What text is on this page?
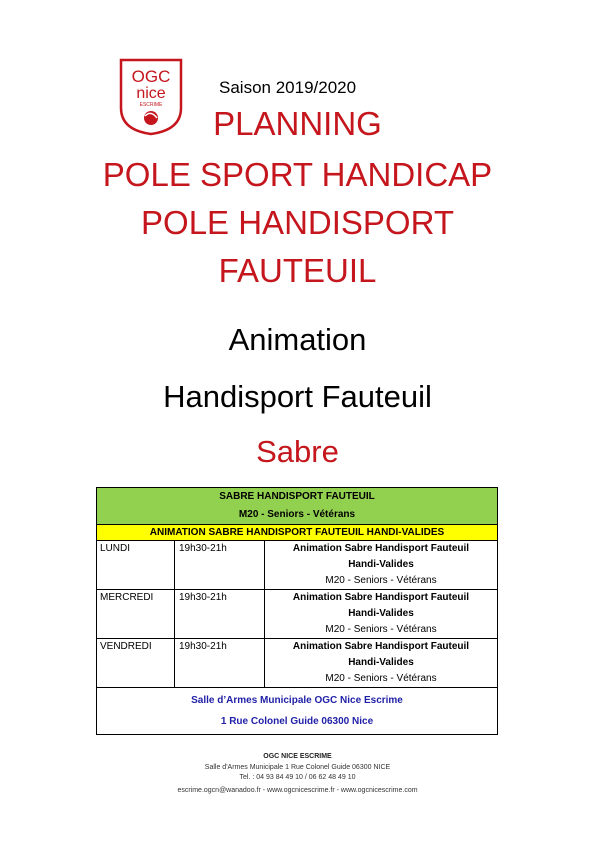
OGC
nice
ESCRIME
Saison 2019/2020
PLANNING
POLE SPORT HANDICAP
POLE HANDISPORT
FAUTEUIL
Animation
Handisport Fauteuil
Sabre
SABRE HANDISPORT FAUTEUIL
M20 - Seniors - Vétérans		

ANIMATION SABRE HANDISPORT FAUTEUIL HANDI-VALIDES		
LUNDI	19h30-21h	Animation Sabre Handisport Fauteuil
Handi-Valides
M20 - Seniors - Vétérans

MERCREDI	19h30-21h	Animation Sabre Handisport Fauteuil
Handi-Valides
M20 - Seniors - Vétérans

VENDREDI	19h30-21h	Animation Sabre Handisport Fauteuil
Handi-Valides
M20 - Seniors - Vétérans

Salle d’Armes Municipale OGC Nice Escrime
1 Rue Colonel Guide 06300 Nice		
OGC NICE ESCRIME
Salle d'Armes Municipale 1 Rue Colonel Guide 06300 NICE
Tel. : 04 93 84 49 10 / 06 62 48 49 10
escrime.ogcn@wanadoo.fr - www.ogcnicescrime.fr - www.ogcnicescrime.com
